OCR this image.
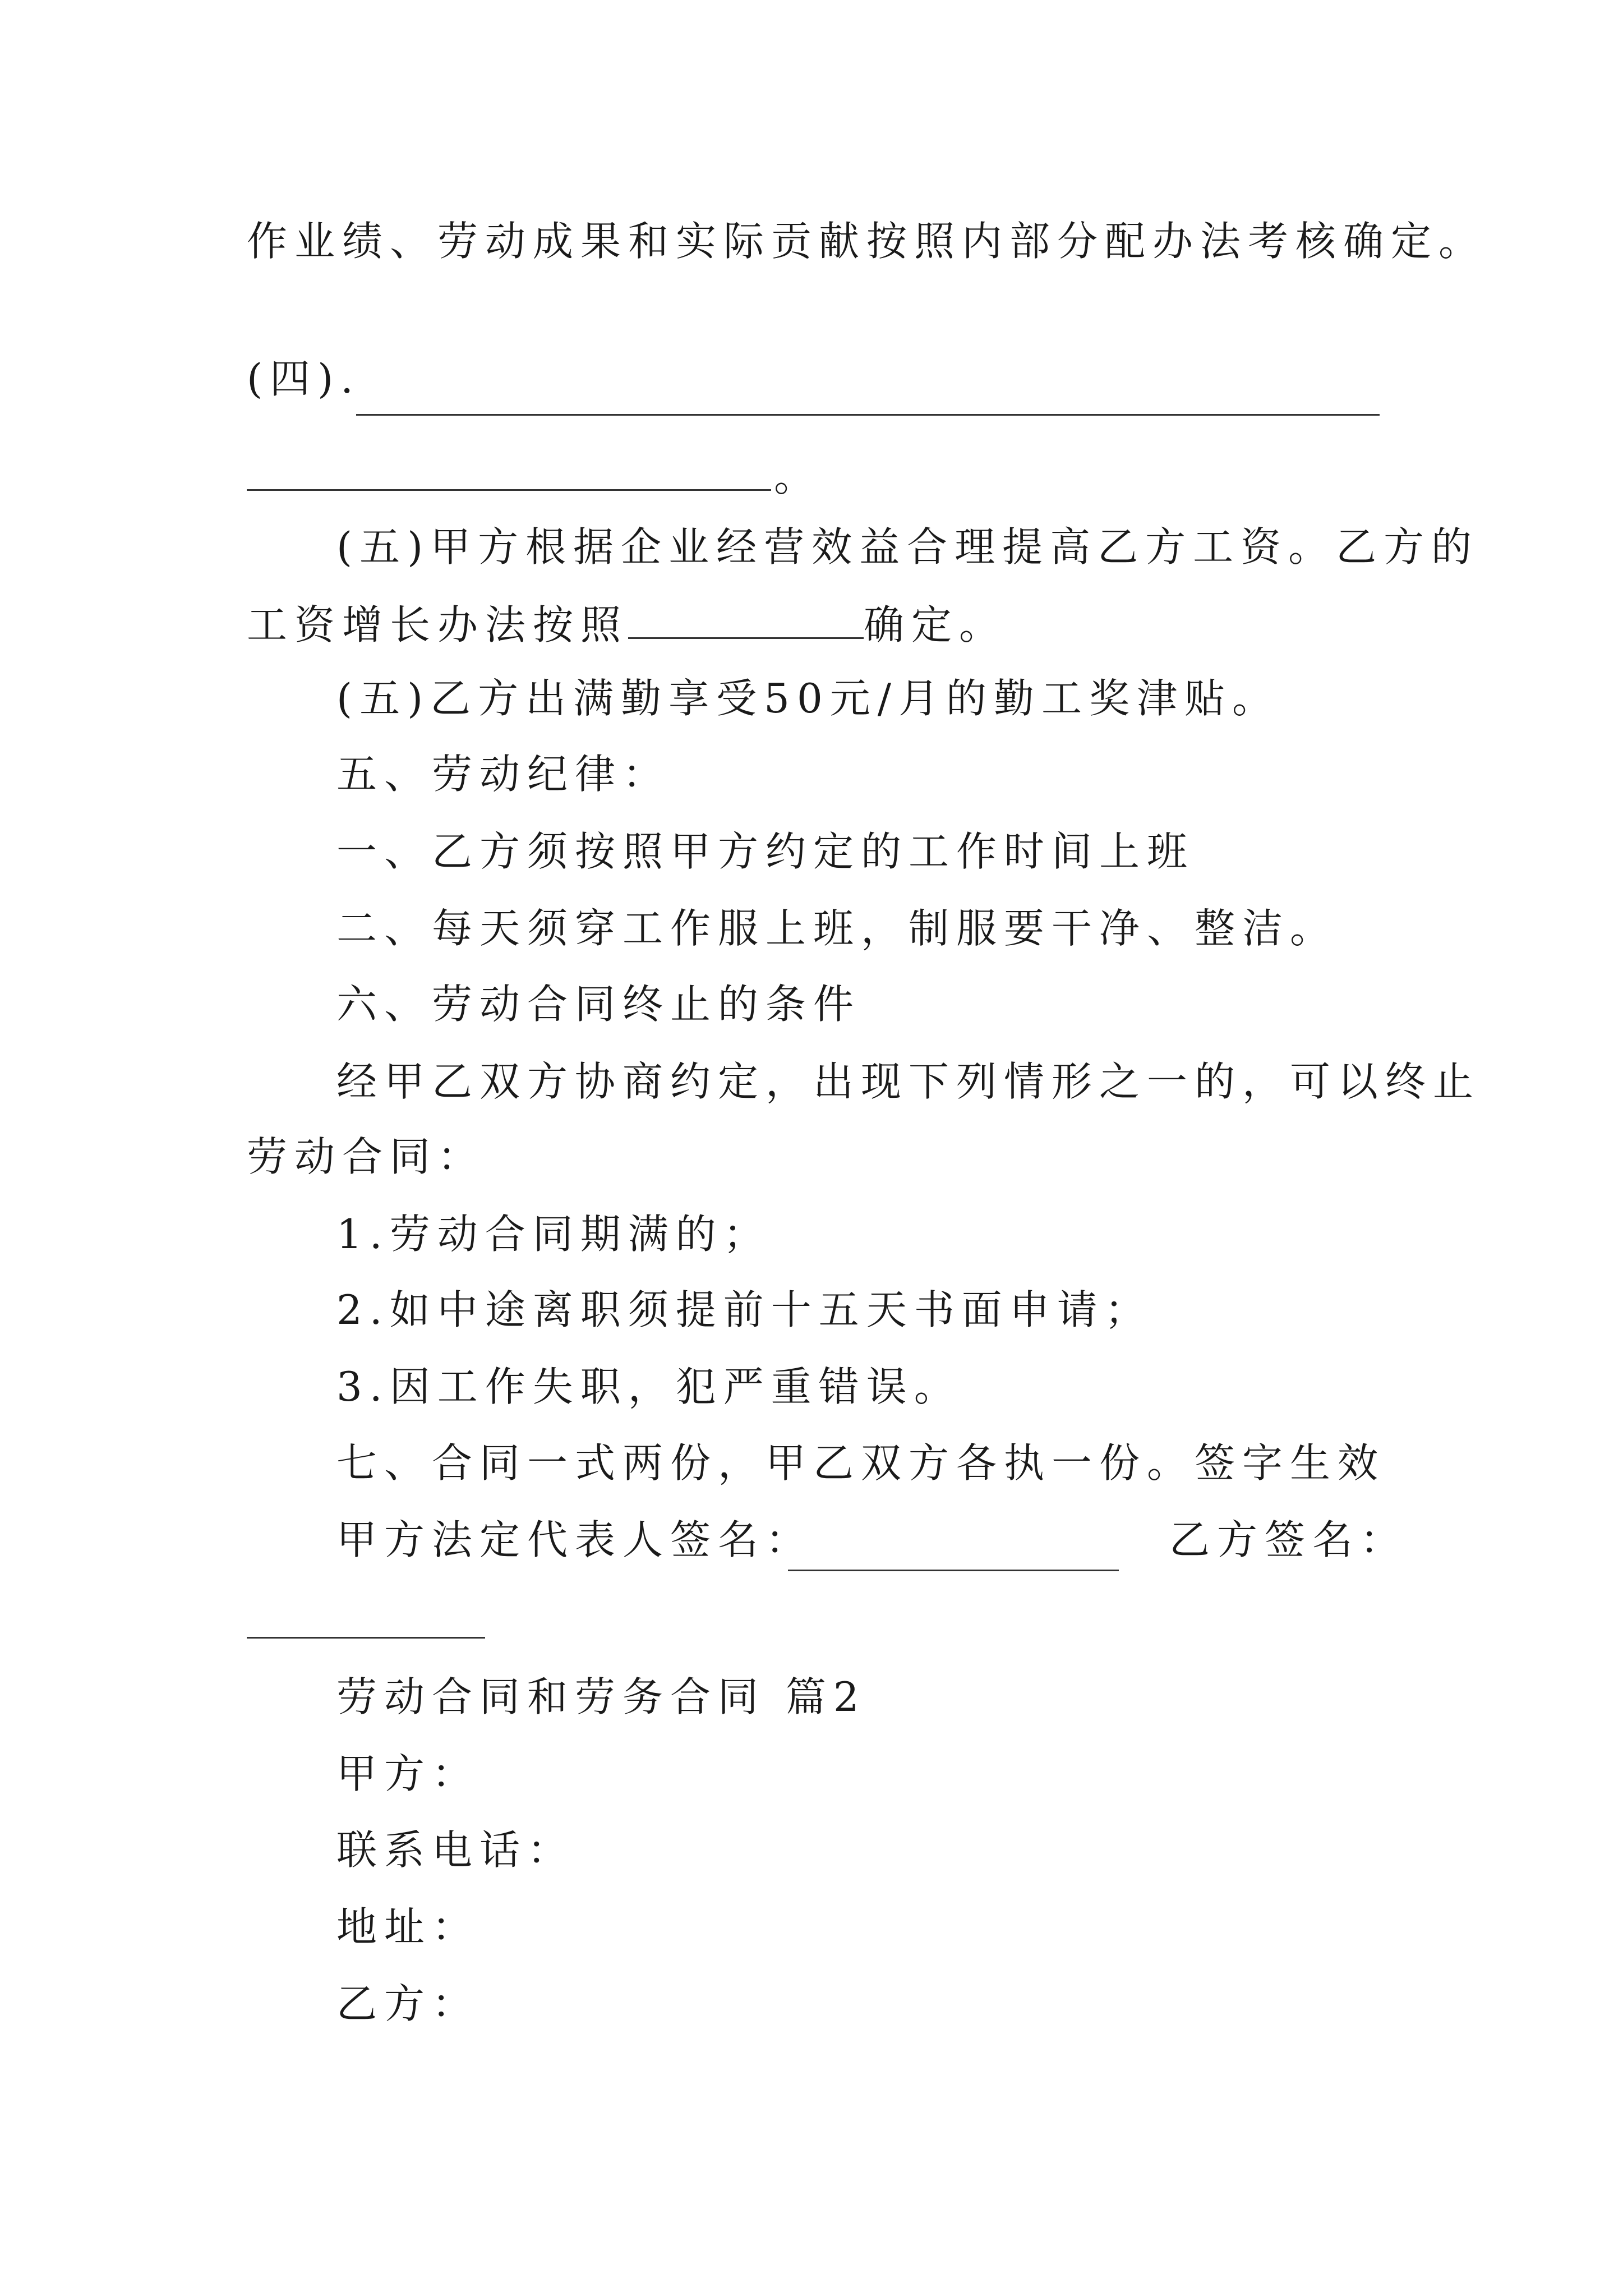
作业绩、劳动成果和实际贡献按照内部分配办法考核确定。
(四).
。
(五)甲方根据企业经营效益合理提高乙方工资。乙方的
工资增长办法按照	确定。
(五)乙方出满勤享受50元/月的勤工奖津贴。
五、劳动纪律：
一、乙方须按照甲方约定的工作时间上班
二、每天须穿工作服上班，制服要干净、整洁。
六、劳动合同终止的条件
经甲乙双方协商约定，出现下列情形之一的，可以终止
劳动合同：
1.劳动合同期满的；
2.如中途离职须提前十五天书面申请；
3.因工作失职，犯严重错误。
七、合同一式两份，甲乙双方各执一份。签字生效
甲方法定代表人签名：	乙方签名：
劳动合同和劳务合同 篇2
甲方：
联系电话：
地址：
乙方：
